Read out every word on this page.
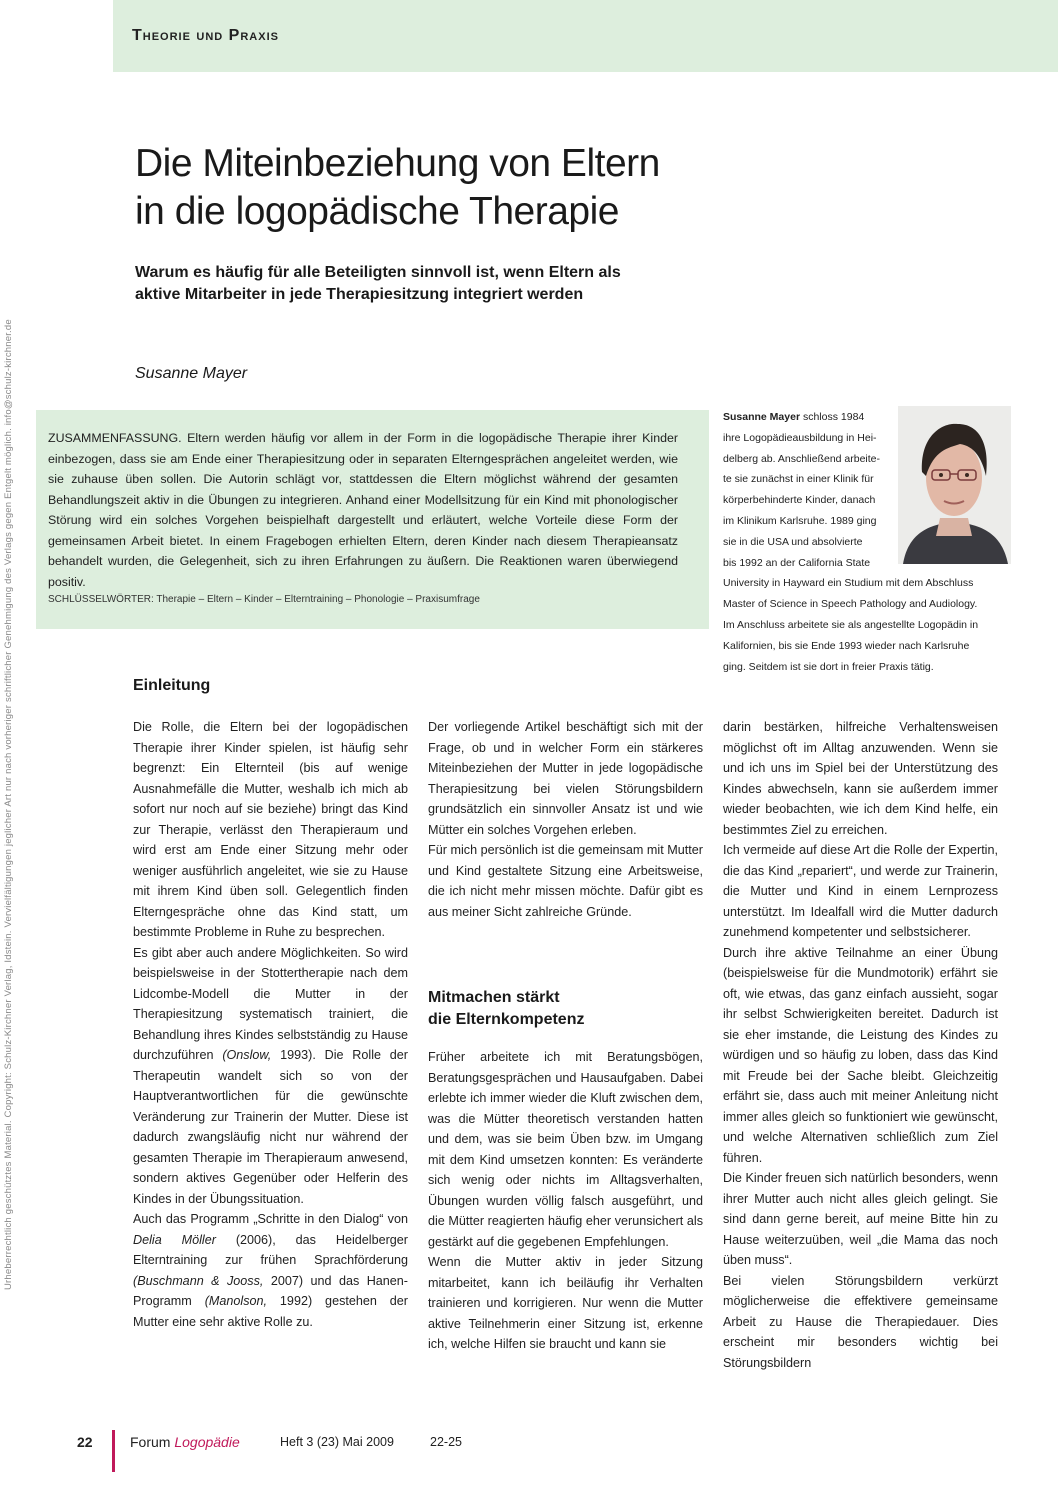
Theorie und Praxis
Urheberrechtlich geschütztes Material. Copyright: Schulz-Kirchner Verlag, Idstein. Vervielfältigungen jeglicher Art nur nach vorheriger schriftlicher Genehmigung des Verlags gegen Entgelt möglich. info@schulz-kirchner.de
Die Miteinbeziehung von Eltern
in die logopädische Therapie
Warum es häufig für alle Beteiligten sinnvoll ist, wenn Eltern als
aktive Mitarbeiter in jede Therapiesitzung integriert werden
Susanne Mayer
ZUSAMMENFASSUNG. Eltern werden häufig vor allem in der Form in die logopädische Therapie ihrer Kinder einbezogen, dass sie am Ende einer Therapiesitzung oder in separaten Elterngesprächen angeleitet werden, wie sie zuhause üben sollen. Die Autorin schlägt vor, stattdessen die Eltern möglichst während der gesamten Behandlungszeit aktiv in die Übungen zu integrieren. Anhand einer Modellsitzung für ein Kind mit phonologischer Störung wird ein solches Vorgehen beispielhaft dargestellt und erläutert, welche Vorteile diese Form der gemeinsamen Arbeit bietet. In einem Fragebogen erhielten Eltern, deren Kinder nach diesem Therapieansatz behandelt wurden, die Gelegenheit, sich zu ihren Erfahrungen zu äußern. Die Reaktionen waren überwiegend positiv.
SCHLÜSSELWÖRTER: Therapie – Eltern – Kinder – Elterntraining – Phonologie – Praxisumfrage

Susanne Mayer schloss 1984

ihre Logopädieausbildung in Hei-

delberg ab. Anschließend arbeite-

te sie zunächst in einer Klinik für

körperbehinderte Kinder, danach

im Klinikum Karlsruhe. 1989 ging

sie in die USA und absolvierte

bis 1992 an der California State

University in Hayward ein Studium mit dem Abschluss

Master of Science in Speech Pathology and Audiology.

Im Anschluss arbeitete sie als angestellte Logopädin in

Kalifornien, bis sie Ende 1993 wieder nach Karlsruhe

ging. Seitdem ist sie dort in freier Praxis tätig.

Einleitung

Die Rolle, die Eltern bei der logopädischen Therapie ihrer Kinder spielen, ist häufig sehr begrenzt: Ein Elternteil (bis auf wenige Ausnahmefälle die Mutter, weshalb ich mich ab sofort nur noch auf sie beziehe) bringt das Kind zur Therapie, verlässt den Therapieraum und wird erst am Ende einer Sitzung mehr oder weniger ausführlich angeleitet, wie sie zu Hause mit ihrem Kind üben soll. Gelegentlich finden Elterngespräche ohne das Kind statt, um bestimmte Probleme in Ruhe zu besprechen.

Es gibt aber auch andere Möglichkeiten. So wird beispielsweise in der Stottertherapie nach dem Lidcombe-Modell die Mutter in der Therapiesitzung systematisch trainiert, die Behandlung ihres Kindes selbstständig zu Hause durchzuführen (Onslow, 1993). Die Rolle der Therapeutin wandelt sich so von der Hauptverantwortlichen für die gewünschte Veränderung zur Trainerin der Mutter. Diese ist dadurch zwangsläufig nicht nur während der gesamten Therapie im Therapieraum anwesend, sondern aktives Gegenüber oder Helferin des Kindes in der Übungssituation.

Auch das Programm „Schritte in den Dialog“ von Delia Möller (2006), das Heidelberger Elterntraining zur frühen Sprachförderung (Buschmann & Jooss, 2007) und das Hanen-Programm (Manolson, 1992) gestehen der Mutter eine sehr aktive Rolle zu.

Der vorliegende Artikel beschäftigt sich mit der Frage, ob und in welcher Form ein stärkeres Miteinbeziehen der Mutter in jede logopädische Therapiesitzung bei vielen Störungsbildern grundsätzlich ein sinnvoller Ansatz ist und wie Mütter ein solches Vorgehen erleben.

Für mich persönlich ist die gemeinsam mit Mutter und Kind gestaltete Sitzung eine Arbeitsweise, die ich nicht mehr missen möchte. Dafür gibt es aus meiner Sicht zahlreiche Gründe.

Mitmachen stärkt
die Elternkompetenz

Früher arbeitete ich mit Beratungsbögen, Beratungsgesprächen und Hausaufgaben. Dabei erlebte ich immer wieder die Kluft zwischen dem, was die Mütter theoretisch verstanden hatten und dem, was sie beim Üben bzw. im Umgang mit dem Kind umsetzen konnten: Es veränderte sich wenig oder nichts im Alltagsverhalten, Übungen wurden völlig falsch ausgeführt, und die Mütter reagierten häufig eher verunsichert als gestärkt auf die gegebenen Empfehlungen.

Wenn die Mutter aktiv in jeder Sitzung mitarbeitet, kann ich beiläufig ihr Verhalten trainieren und korrigieren. Nur wenn die Mutter aktive Teilnehmerin einer Sitzung ist, erkenne ich, welche Hilfen sie braucht und kann sie

darin bestärken, hilfreiche Verhaltensweisen möglichst oft im Alltag anzuwenden. Wenn sie und ich uns im Spiel bei der Unterstützung des Kindes abwechseln, kann sie außerdem immer wieder beobachten, wie ich dem Kind helfe, ein bestimmtes Ziel zu erreichen.

Ich vermeide auf diese Art die Rolle der Expertin, die das Kind „repariert“, und werde zur Trainerin, die Mutter und Kind in einem Lernprozess unterstützt. Im Idealfall wird die Mutter dadurch zunehmend kompetenter und selbstsicherer.

Durch ihre aktive Teilnahme an einer Übung (beispielsweise für die Mundmotorik) erfährt sie oft, wie etwas, das ganz einfach aussieht, sogar ihr selbst Schwierigkeiten bereitet. Dadurch ist sie eher imstande, die Leistung des Kindes zu würdigen und so häufig zu loben, dass das Kind mit Freude bei der Sache bleibt. Gleichzeitig erfährt sie, dass auch mit meiner Anleitung nicht immer alles gleich so funktioniert wie gewünscht, und welche Alternativen schließlich zum Ziel führen.

Die Kinder freuen sich natürlich besonders, wenn ihrer Mutter auch nicht alles gleich gelingt. Sie sind dann gerne bereit, auf meine Bitte hin zu Hause weiterzuüben, weil „die Mama das noch üben muss“.

Bei vielen Störungsbildern verkürzt möglicherweise die effektivere gemeinsame Arbeit zu Hause die Therapiedauer. Dies erscheint mir besonders wichtig bei Störungsbildern

22	Forum Logopädie	Heft 3 (23) Mai 2009	22-25
